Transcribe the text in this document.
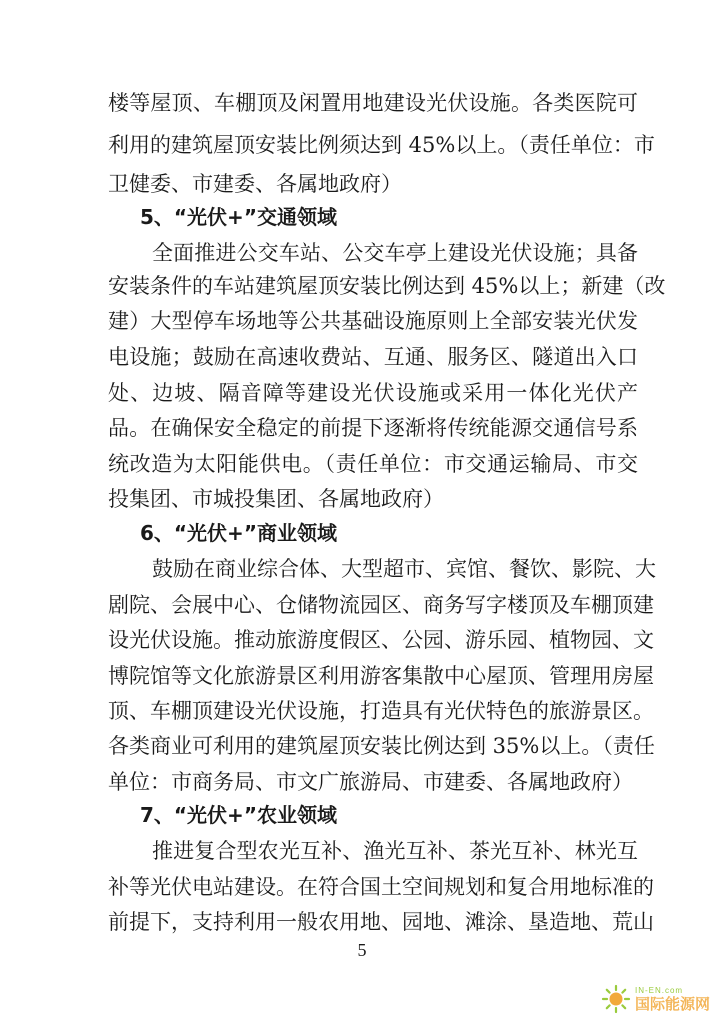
楼等屋顶、车棚顶及闲置用地建设光伏设施。各类医院可
利用的建筑屋顶安装比例须达到 45%以上。（责任单位：市
卫健委、市建委、各属地政府）
5、“光伏+”交通领域
全面推进公交车站、公交车亭上建设光伏设施；具备
安装条件的车站建筑屋顶安装比例达到 45%以上；新建（改
建）大型停车场地等公共基础设施原则上全部安装光伏发
电设施；鼓励在高速收费站、互通、服务区、隧道出入口
处、边坡、隔音障等建设光伏设施或采用一体化光伏产
品。在确保安全稳定的前提下逐渐将传统能源交通信号系
统改造为太阳能供电。（责任单位：市交通运输局、市交
投集团、市城投集团、各属地政府）
6、“光伏+”商业领域
鼓励在商业综合体、大型超市、宾馆、餐饮、影院、大
剧院、会展中心、仓储物流园区、商务写字楼顶及车棚顶建
设光伏设施。推动旅游度假区、公园、游乐园、植物园、文
博院馆等文化旅游景区利用游客集散中心屋顶、管理用房屋
顶、车棚顶建设光伏设施，打造具有光伏特色的旅游景区。
各类商业可利用的建筑屋顶安装比例达到 35%以上。（责任
单位：市商务局、市文广旅游局、市建委、各属地政府）
7、“光伏+”农业领域
推进复合型农光互补、渔光互补、茶光互补、林光互
补等光伏电站建设。在符合国土空间规划和复合用地标准的
前提下，支持利用一般农用地、园地、滩涂、垦造地、荒山
5
IN-EN.com
国际能源网
